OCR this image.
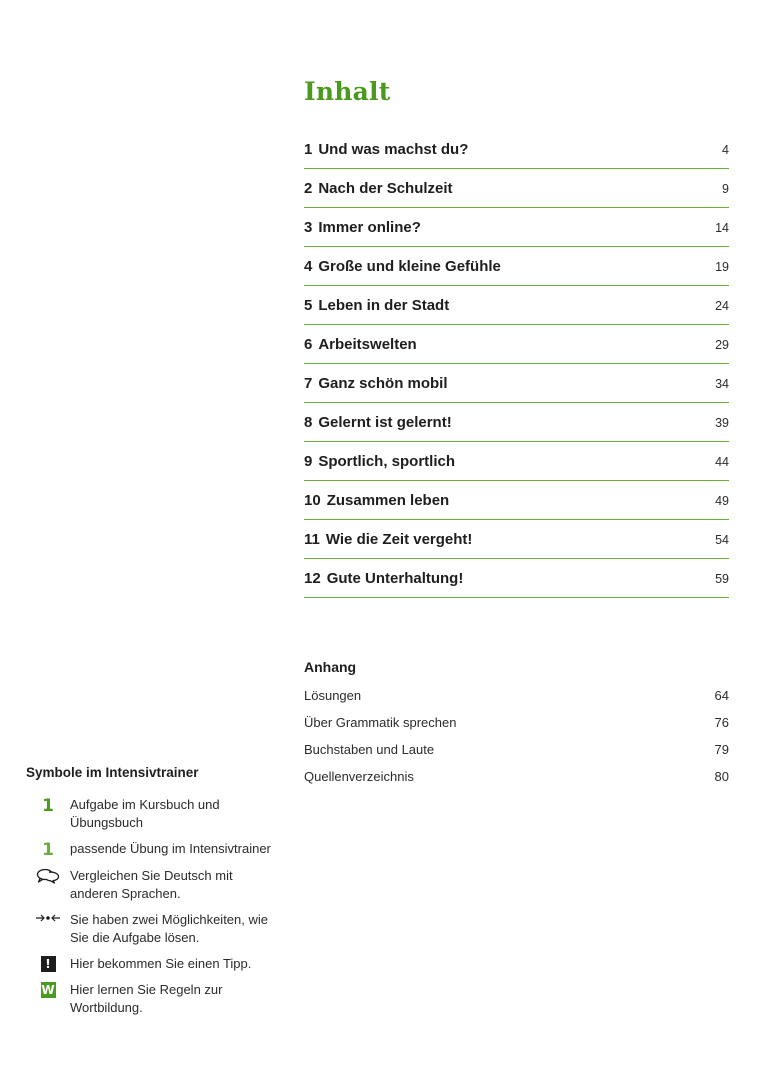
Inhalt
1 Und was machst du?	4
2 Nach der Schulzeit	9
3 Immer online?	14
4 Große und kleine Gefühle	19
5 Leben in der Stadt	24
6 Arbeitswelten	29
7 Ganz schön mobil	34
8 Gelernt ist gelernt!	39
9 Sportlich, sportlich	44
10 Zusammen leben	49
11 Wie die Zeit vergeht!	54
12 Gute Unterhaltung!	59
Anhang
Lösungen	64
Über Grammatik sprechen	76
Buchstaben und Laute	79
Quellenverzeichnis	80
Symbole im Intensivtrainer
1 Aufgabe im Kursbuch und Übungsbuch
1 passende Übung im Intensivtrainer
Vergleichen Sie Deutsch mit anderen Sprachen.
Sie haben zwei Möglichkeiten, wie Sie die Aufgabe lösen.
!	Hier bekommen Sie einen Tipp.
W Hier lernen Sie Regeln zur Wortbildung.
